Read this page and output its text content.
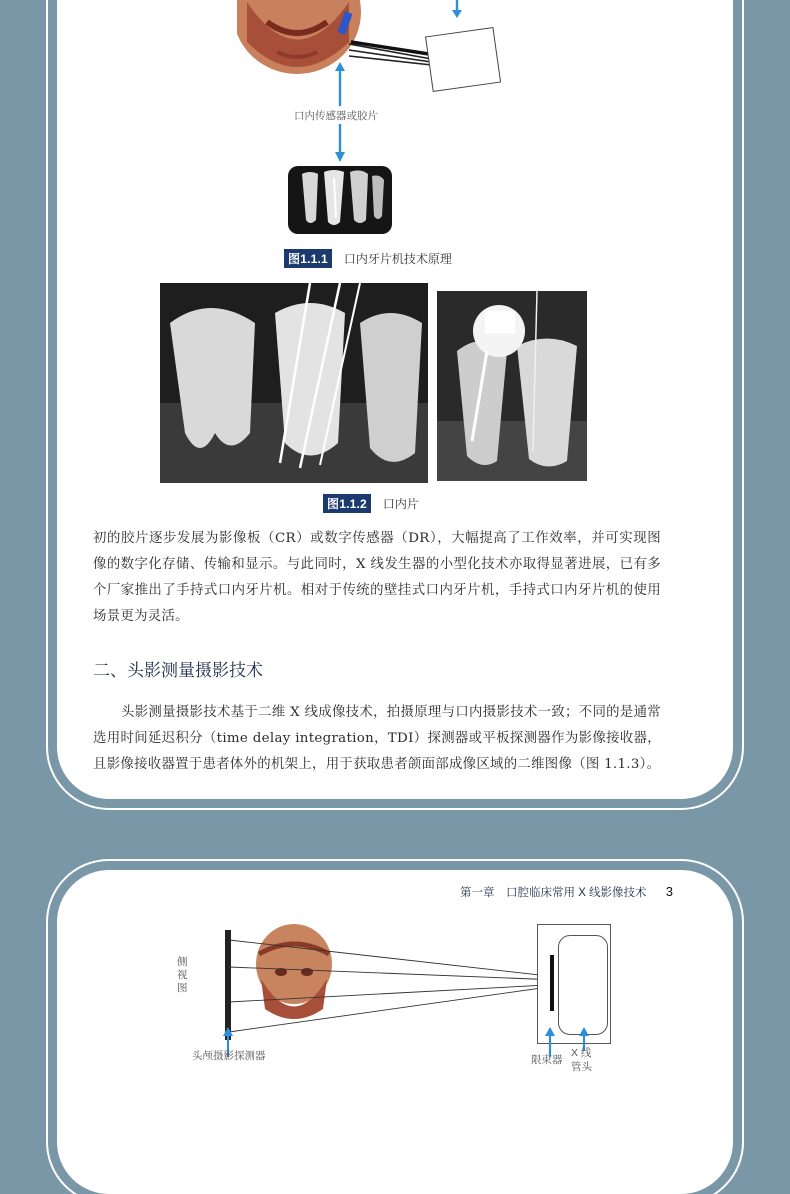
口内传感器或胶片
图1.1.1 口内牙片机技术原理
图1.1.2 口内片
初的胶片逐步发展为影像板（CR）或数字传感器（DR），大幅提高了工作效率，并可实现图像的数字化存储、传输和显示。与此同时，X 线发生器的小型化技术亦取得显著进展，已有多个厂家推出了手持式口内牙片机。相对于传统的壁挂式口内牙片机，手持式口内牙片机的使用场景更为灵活。
二、头影测量摄影技术
头影测量摄影技术基于二维 X 线成像技术，拍摄原理与口内摄影技术一致；不同的是通常选用时间延迟积分（time delay integration，TDI）探测器或平板探测器作为影像接收器，且影像接收器置于患者体外的机架上，用于获取患者颌面部成像区域的二维图像（图 1.1.3）。
第一章　口腔临床常用 X 线影像技术 3
侧视图
头颅摄影探测器	限束器
X 线管头
